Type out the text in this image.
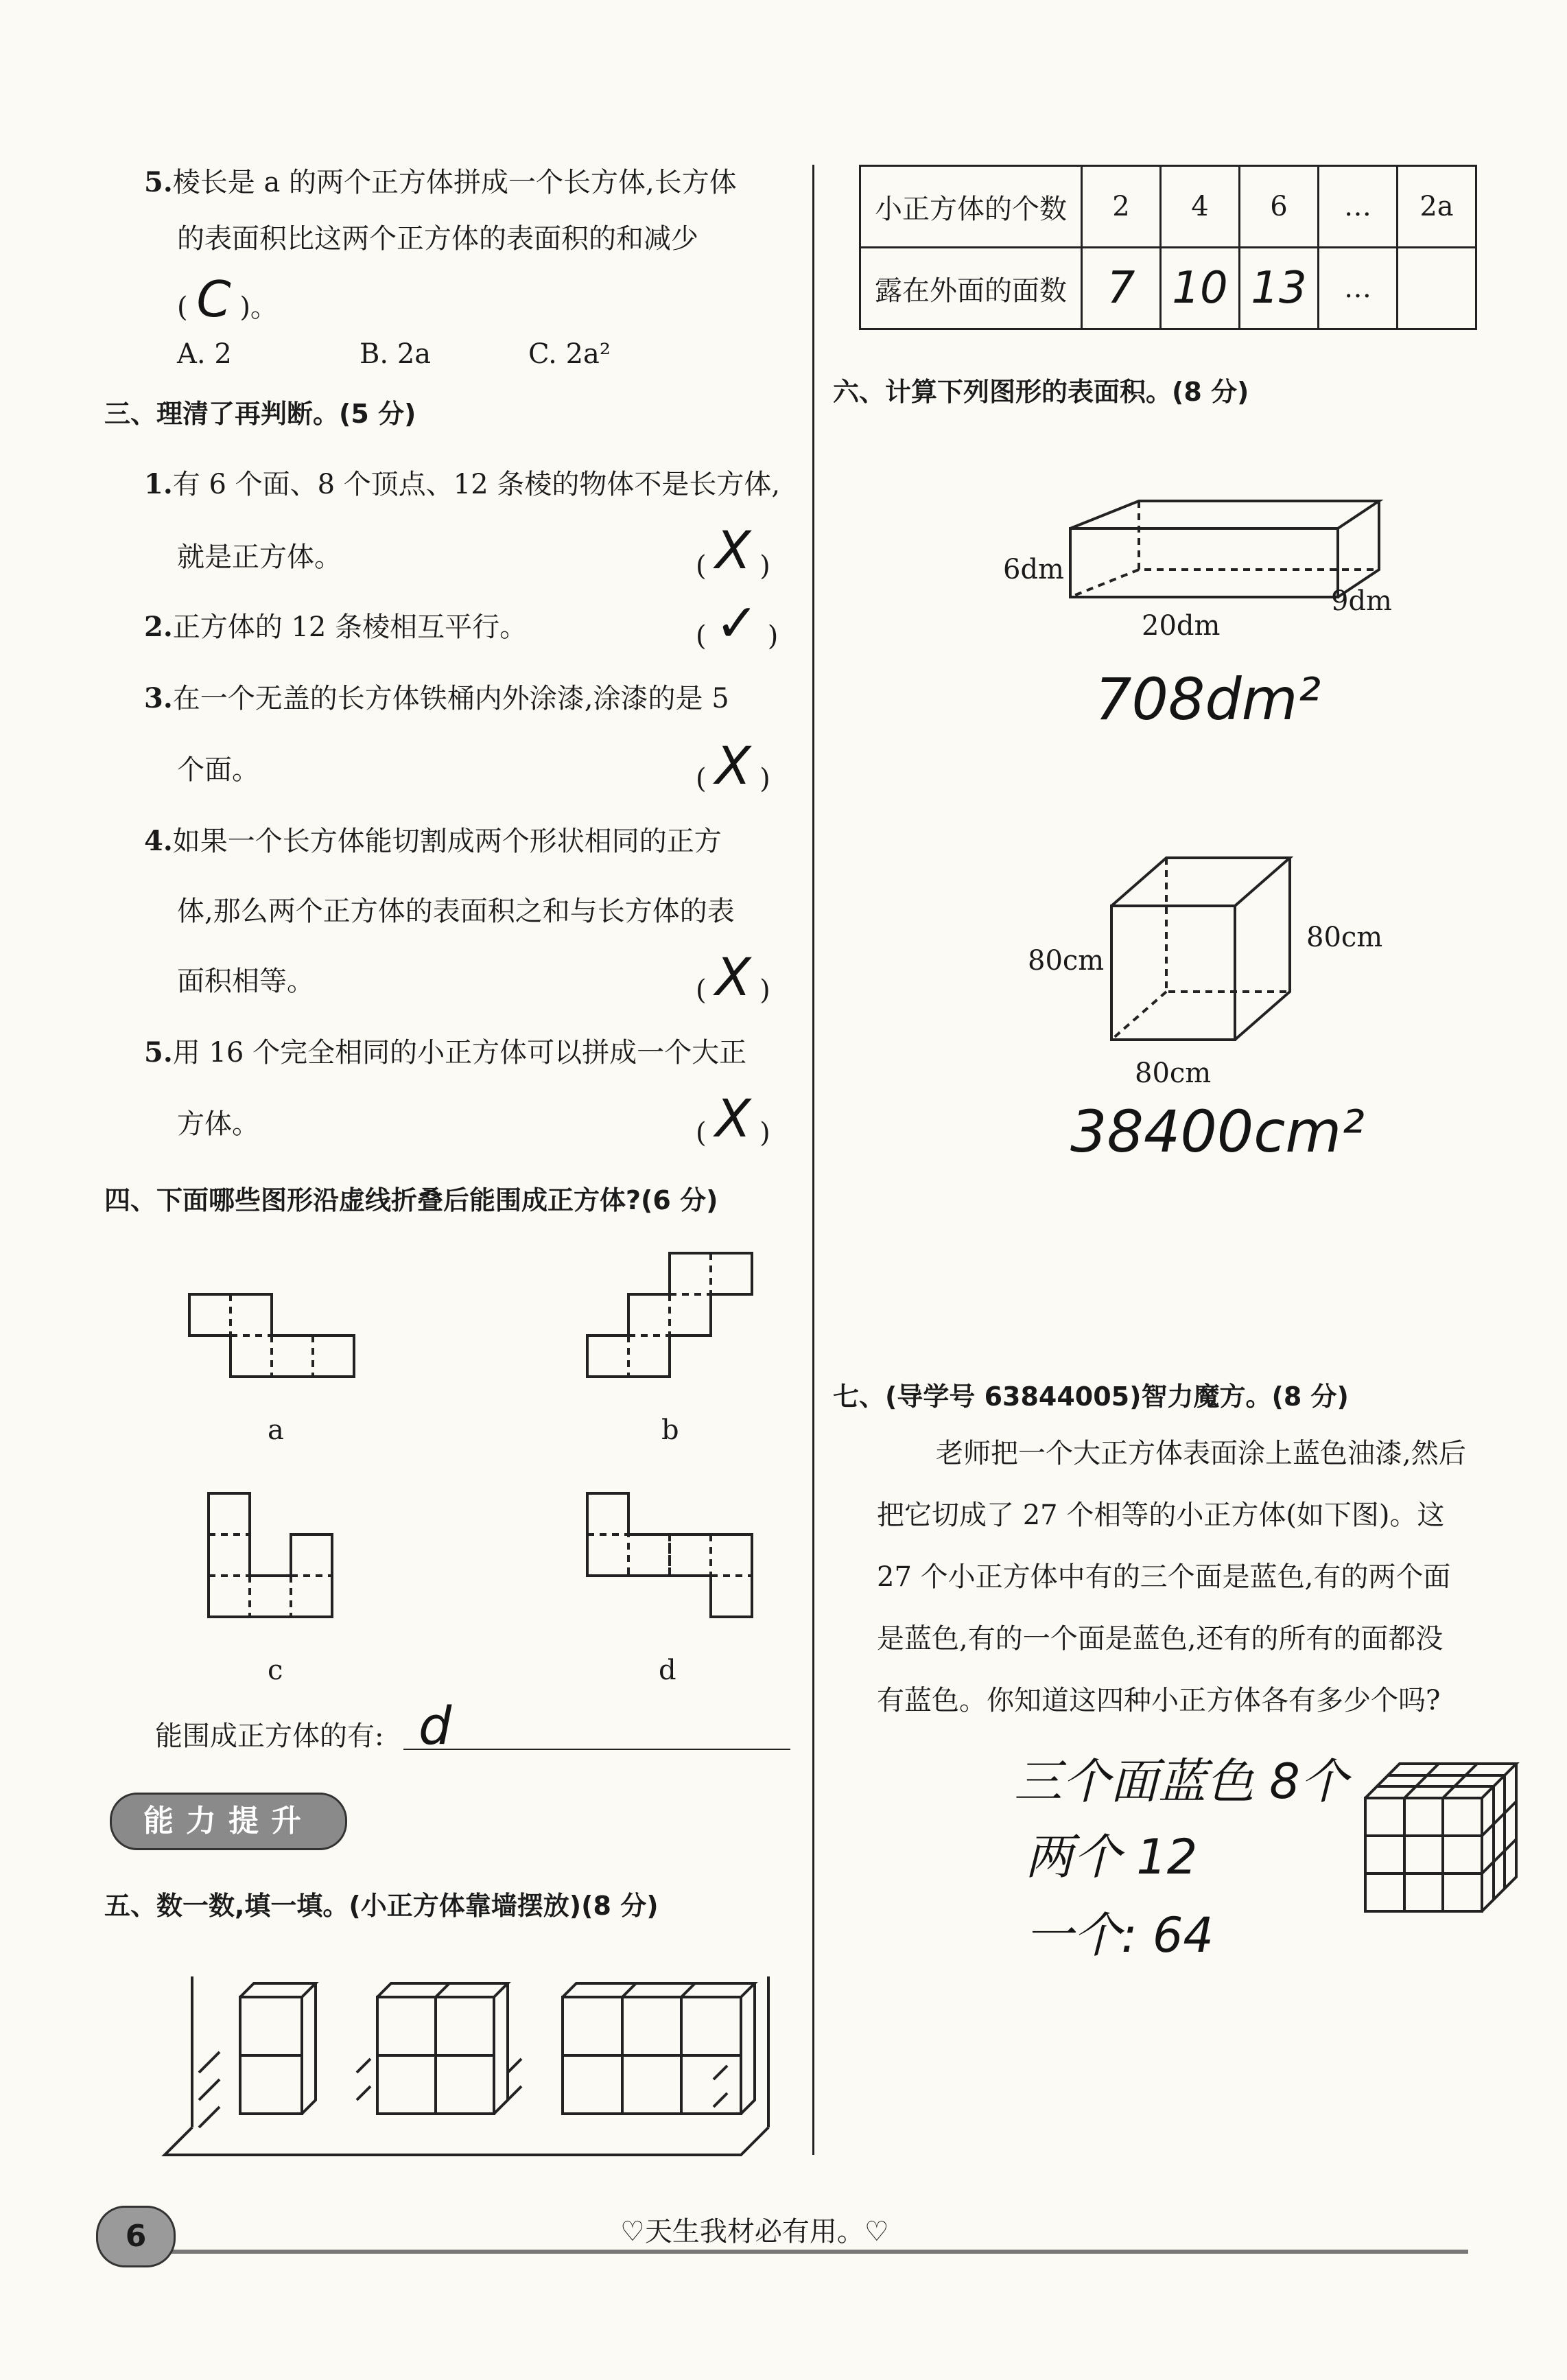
5.棱长是 a 的两个正方体拼成一个长方体,长方体
的表面积比这两个正方体的表面积的和减少
( C )。
A. 2	B. 2a	C. 2a²
三、理清了再判断。(5 分)
1.有 6 个面、8 个顶点、12 条棱的物体不是长方体,
就是正方体。	( X )
2.正方体的 12 条棱相互平行。	( ✓ )
3.在一个无盖的长方体铁桶内外涂漆,涂漆的是 5
个面。	( X )
4.如果一个长方体能切割成两个形状相同的正方
体,那么两个正方体的表面积之和与长方体的表
面积相等。	( X )
5.用 16 个完全相同的小正方体可以拼成一个大正
方体。	( X )
四、下面哪些图形沿虚线折叠后能围成正方体?(6 分)
a	b
c	d
能围成正方体的有: d
能力提升
五、数一数,填一填。(小正方体靠墙摆放)(8 分)
小正方体的个数	2	4	6	…	2a
露在外面的面数	7	10	13	…	
六、计算下列图形的表面积。(8 分)
6dm
20dm
9dm
708dm²
80cm
80cm
80cm
38400cm²
七、(导学号 63844005)智力魔方。(8 分)
老师把一个大正方体表面涂上蓝色油漆,然后
把它切成了 27 个相等的小正方体(如下图)。这
27 个小正方体中有的三个面是蓝色,有的两个面
是蓝色,有的一个面是蓝色,还有的所有的面都没
有蓝色。你知道这四种小正方体各有多少个吗?
三个面蓝色 8个
两个 12
一个: 64
6	♡天生我材必有用。♡
